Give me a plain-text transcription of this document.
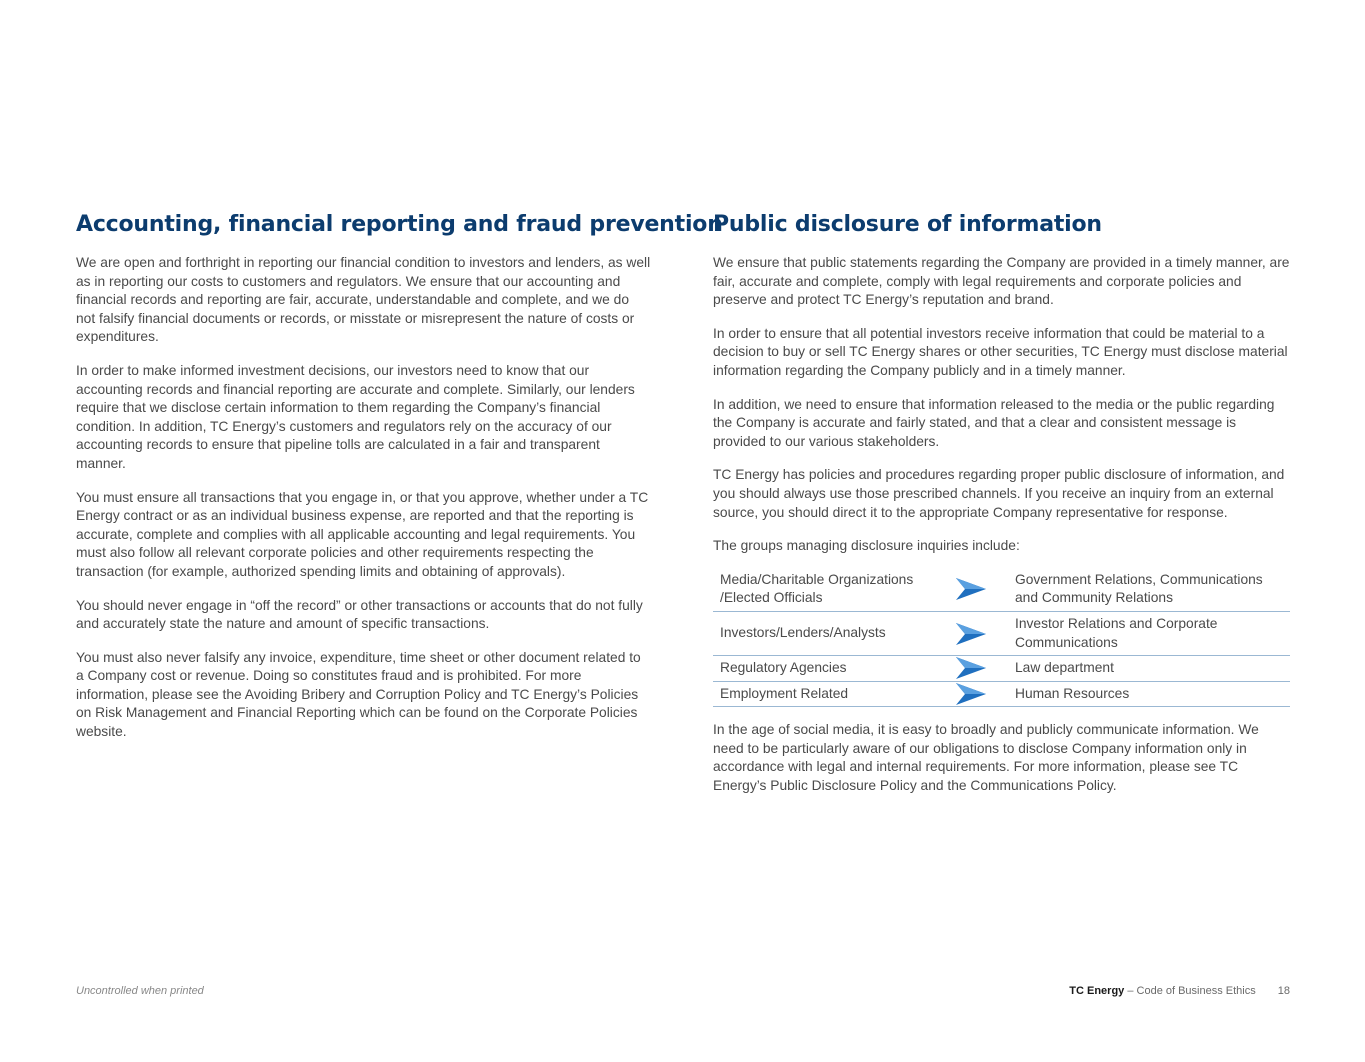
Accounting, financial reporting and fraud prevention

We are open and forthright in reporting our financial condition to investors and lenders, as well as in reporting our costs to customers and regulators. We ensure that our accounting and financial records and reporting are fair, accurate, understandable and complete, and we do not falsify financial documents or records, or misstate or misrepresent the nature of costs or expenditures.

In order to make informed investment decisions, our investors need to know that our accounting records and financial reporting are accurate and complete. Similarly, our lenders require that we disclose certain information to them regarding the Company’s financial condition. In addition, TC Energy’s customers and regulators rely on the accuracy of our accounting records to ensure that pipeline tolls are calculated in a fair and transparent manner.

You must ensure all transactions that you engage in, or that you approve, whether under a TC Energy contract or as an individual business expense, are reported and that the reporting is accurate, complete and complies with all applicable accounting and legal requirements. You must also follow all relevant corporate policies and other requirements respecting the transaction (for example, authorized spending limits and obtaining of approvals).

You should never engage in “off the record” or other transactions or accounts that do not fully and accurately state the nature and amount of specific transactions.

You must also never falsify any invoice, expenditure, time sheet or other document related to a Company cost or revenue. Doing so constitutes fraud and is prohibited. For more information, please see the Avoiding Bribery and Corruption Policy and TC Energy’s Policies on Risk Management and Financial Reporting which can be found on the Corporate Policies website.

Public disclosure of information

We ensure that public statements regarding the Company are provided in a timely manner, are fair, accurate and complete, comply with legal requirements and corporate policies and preserve and protect TC Energy’s reputation and brand.

In order to ensure that all potential investors receive information that could be material to a decision to buy or sell TC Energy shares or other securities, TC Energy must disclose material information regarding the Company publicly and in a timely manner.

In addition, we need to ensure that information released to the media or the public regarding the Company is accurate and fairly stated, and that a clear and consistent message is provided to our various stakeholders.

TC Energy has policies and procedures regarding proper public disclosure of information, and you should always use those prescribed channels. If you receive an inquiry from an external source, you should direct it to the appropriate Company representative for response.

The groups managing disclosure inquiries include:

Media/Charitable Organizations /Elected Officials		Government Relations, Communications and Community Relations
Investors/Lenders/Analysts		Investor Relations and Corporate Communications
Regulatory Agencies		Law department
Employment Related		Human Resources

In the age of social media, it is easy to broadly and publicly communicate information. We need to be particularly aware of our obligations to disclose Company information only in accordance with legal and internal requirements. For more information, please see TC Energy’s Public Disclosure Policy and the Communications Policy.

Uncontrolled when printed	TC Energy – Code of Business Ethics 18
